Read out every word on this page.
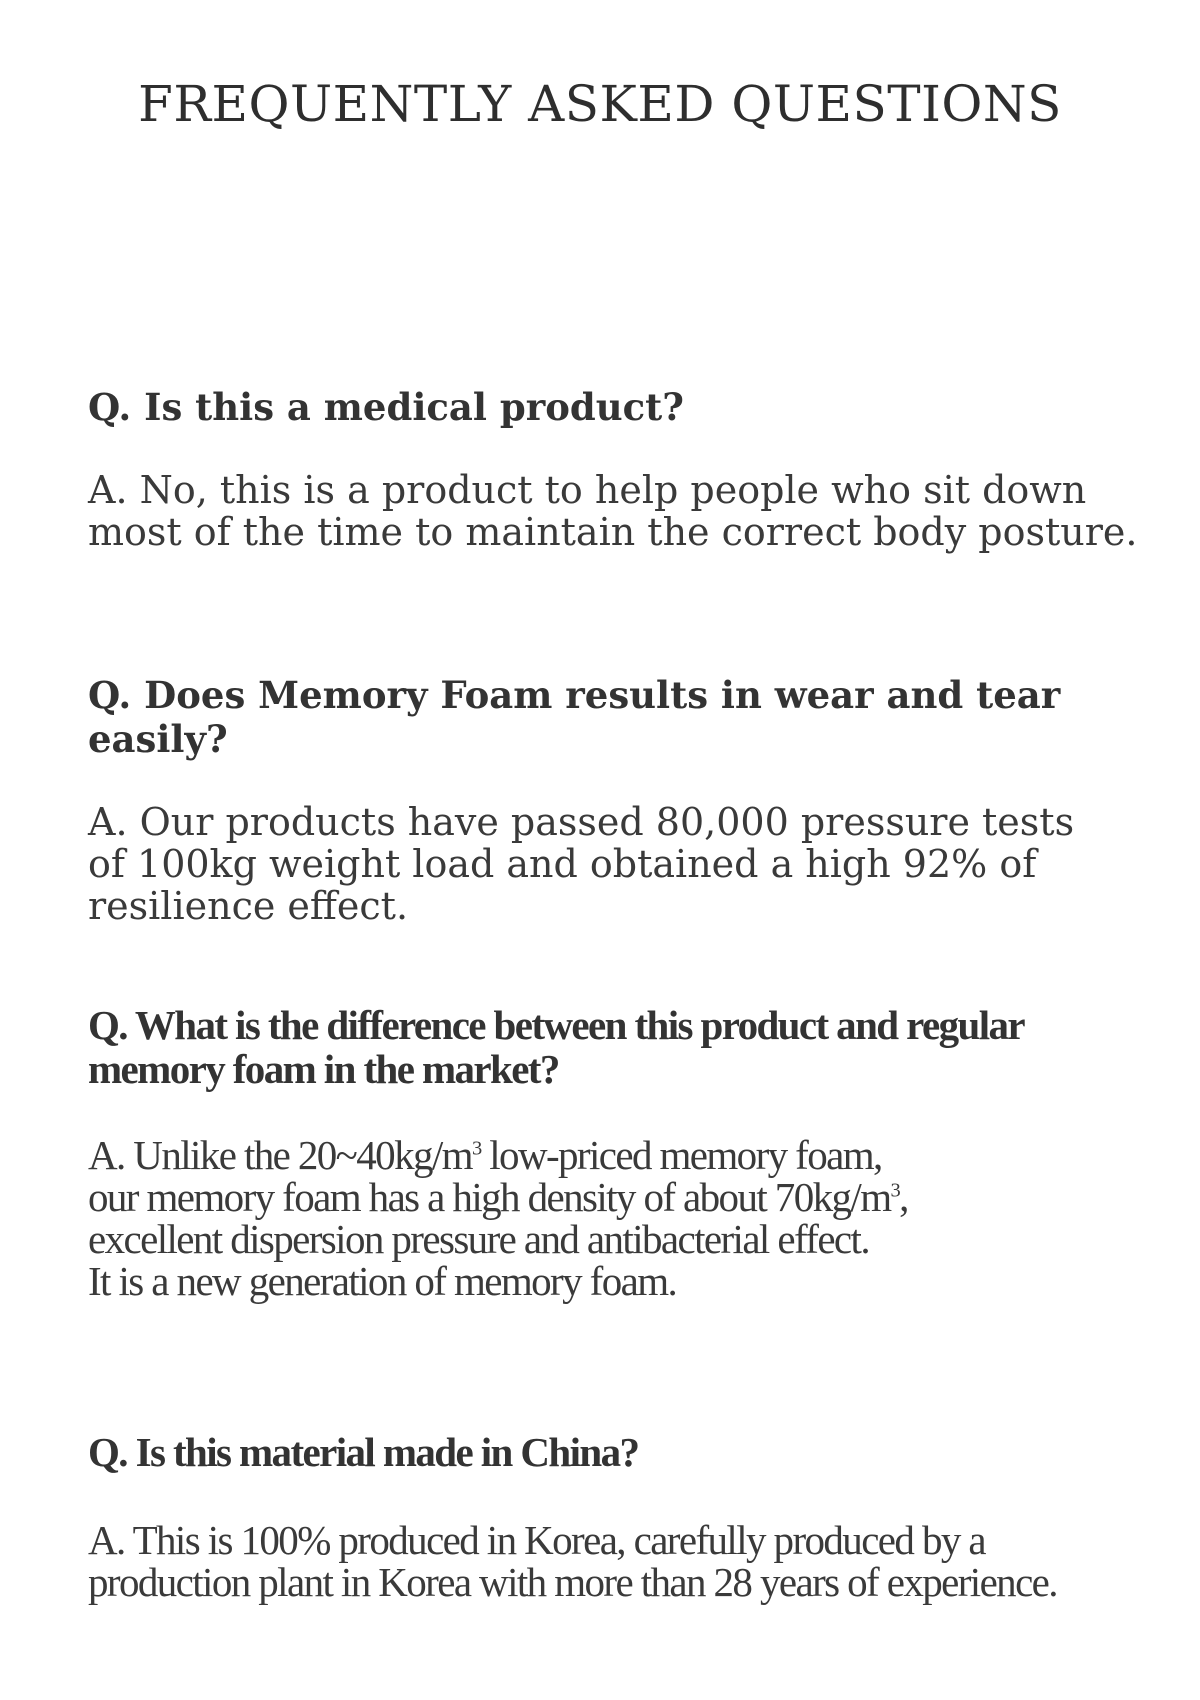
FREQUENTLY ASKED QUESTIONS

Q. Is this a medical product?

A. No, this is a product to help people who sit down
most of the time to maintain the correct body posture.

Q. Does Memory Foam results in wear and tear easily?

A. Our products have passed 80,000 pressure tests
of 100kg weight load and obtained a high 92% of
resilience effect.

Q. What is the difference between this product and regular
memory foam in the market?

A. Unlike the $20\sim 40kg/m^3$ low-priced memory foam,
our memory foam has a high density of about $70kg/m^3$,
excellent dispersion pressure and antibacterial effect.
It is a new generation of memory foam.

Q. Is this material made in China?

A. This is 100% produced in Korea, carefully produced by a
production plant in Korea with more than 28 years of experience.
